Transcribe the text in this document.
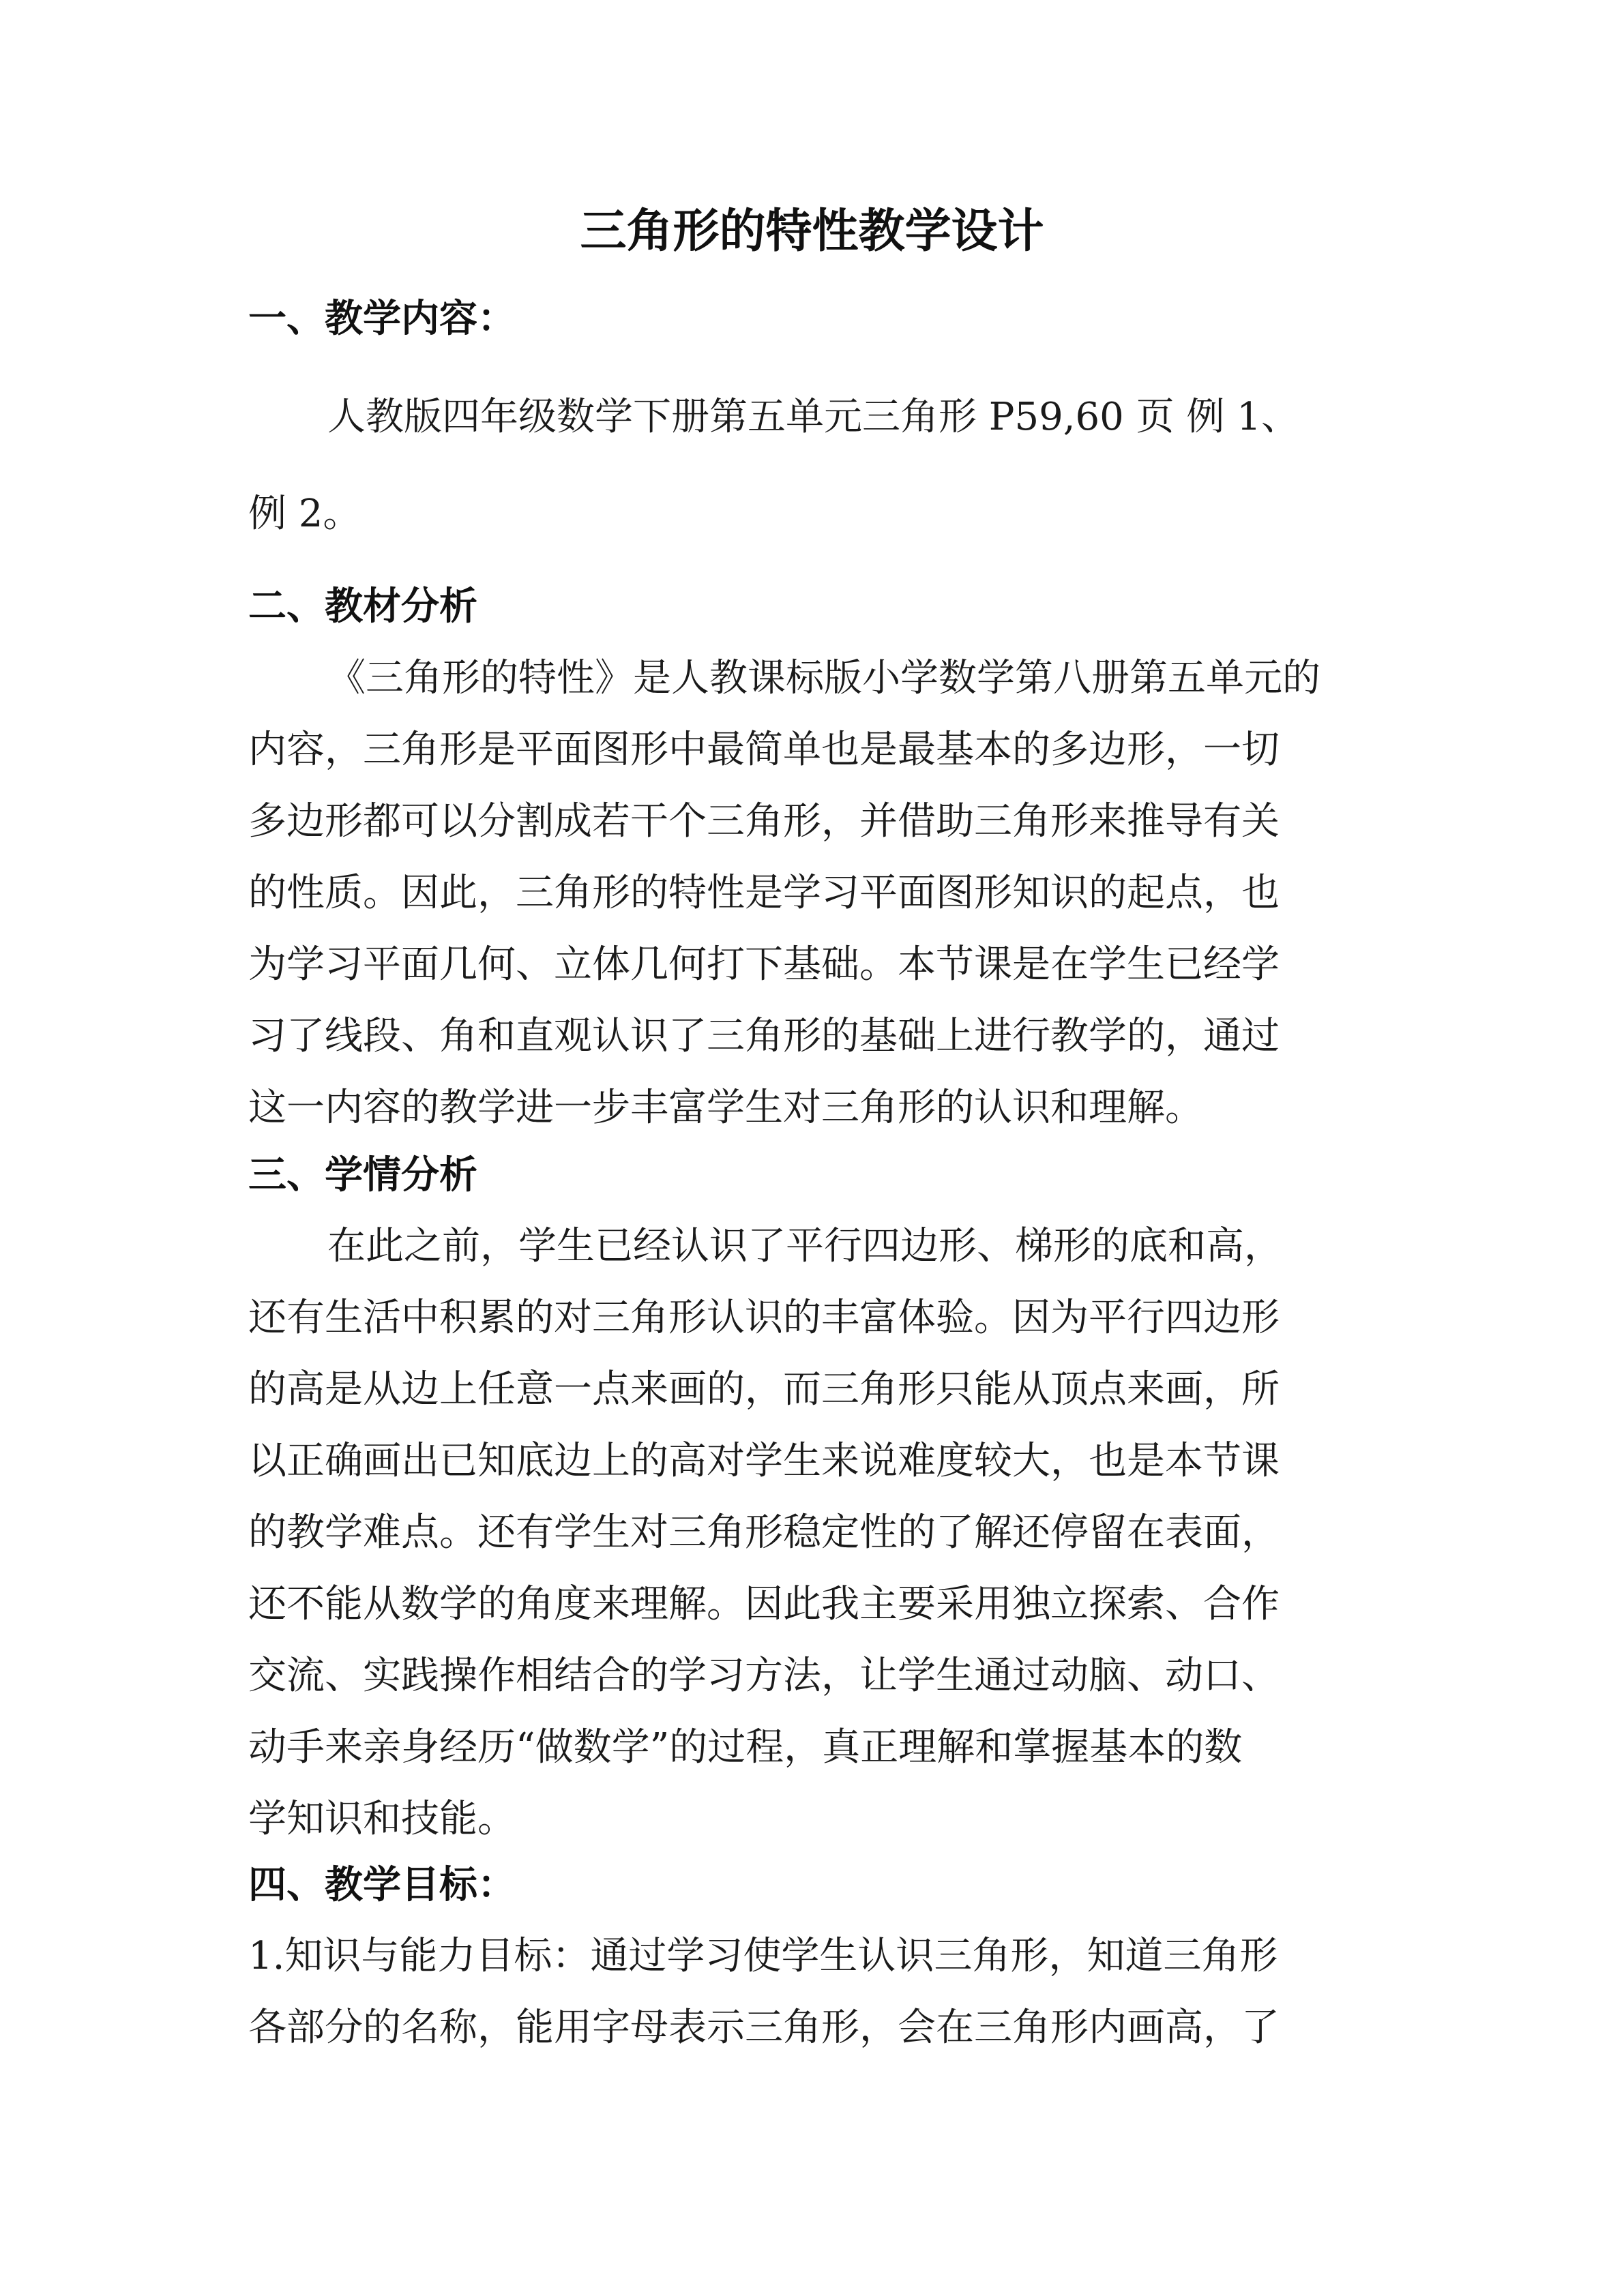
三角形的特性教学设计
一、教学内容：
人教版四年级数学下册第五单元三角形 P59,60 页 例 1、
例 2。
二、教材分析
《三角形的特性》是人教课标版小学数学第八册第五单元的
内容，三角形是平面图形中最简单也是最基本的多边形，一切
多边形都可以分割成若干个三角形，并借助三角形来推导有关
的性质。因此，三角形的特性是学习平面图形知识的起点，也
为学习平面几何、立体几何打下基础。本节课是在学生已经学
习了线段、角和直观认识了三角形的基础上进行教学的，通过
这一内容的教学进一步丰富学生对三角形的认识和理解。
三、学情分析
在此之前，学生已经认识了平行四边形、梯形的底和高，
还有生活中积累的对三角形认识的丰富体验。因为平行四边形
的高是从边上任意一点来画的，而三角形只能从顶点来画，所
以正确画出已知底边上的高对学生来说难度较大，也是本节课
的教学难点。还有学生对三角形稳定性的了解还停留在表面，
还不能从数学的角度来理解。因此我主要采用独立探索、合作
交流、实践操作相结合的学习方法，让学生通过动脑、动口、
动手来亲身经历“做数学”的过程，真正理解和掌握基本的数
学知识和技能。
四、教学目标：
1.知识与能力目标：通过学习使学生认识三角形，知道三角形
各部分的名称，能用字母表示三角形，会在三角形内画高，了
